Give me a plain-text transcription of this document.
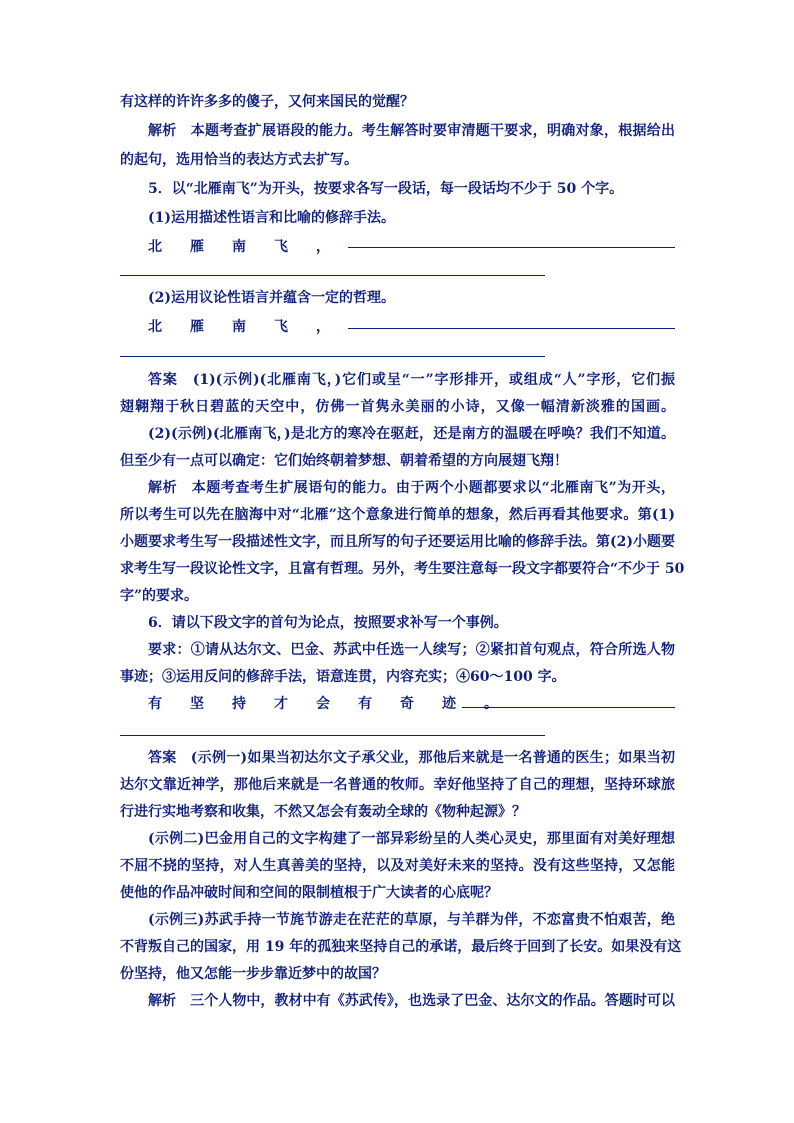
有这样的许许多多的傻子，又何来国民的觉醒？
解析　本题考查扩展语段的能力。考生解答时要审清题干要求，明确对象，根据给出
的起句，选用恰当的表达方式去扩写。
5．以“北雁南飞”为开头，按要求各写一段话，每一段话均不少于 50 个字。
(1)运用描述性语言和比喻的修辞手法。
北　　雁　　南　　飞　　，
(2)运用议论性语言并蕴含一定的哲理。
北　　雁　　南　　飞　　，
答案　(1)(示例)(北雁南飞，)它们或呈“一”字形排开，或组成“人”字形，它们振
翅翱翔于秋日碧蓝的天空中，仿佛一首隽永美丽的小诗，又像一幅清新淡雅的国画。
(2)(示例)(北雁南飞，)是北方的寒冷在驱赶，还是南方的温暖在呼唤？我们不知道。
但至少有一点可以确定：它们始终朝着梦想、朝着希望的方向展翅飞翔！
解析　本题考查考生扩展语句的能力。由于两个小题都要求以“北雁南飞”为开头，
所以考生可以先在脑海中对“北雁”这个意象进行简单的想象，然后再看其他要求。第(1)
小题要求考生写一段描述性文字，而且所写的句子还要运用比喻的修辞手法。第(2)小题要
求考生写一段议论性文字，且富有哲理。另外，考生要注意每一段文字都要符合“不少于 50
字”的要求。
6．请以下段文字的首句为论点，按照要求补写一个事例。
要求：①请从达尔文、巴金、苏武中任选一人续写；②紧扣首句观点，符合所选人物
事迹；③运用反问的修辞手法，语意连贯，内容充实；④60～100 字。
有　　坚　　持　　才　　会　　有　　奇　　迹　　。
答案　(示例一)如果当初达尔文子承父业，那他后来就是一名普通的医生；如果当初
达尔文靠近神学，那他后来就是一名普通的牧师。幸好他坚持了自己的理想，坚持环球旅
行进行实地考察和收集，不然又怎会有轰动全球的《物种起源》？
(示例二)巴金用自己的文字构建了一部异彩纷呈的人类心灵史，那里面有对美好理想
不屈不挠的坚持，对人生真善美的坚持，以及对美好未来的坚持。没有这些坚持，又怎能
使他的作品冲破时间和空间的限制植根于广大读者的心底呢？
(示例三)苏武手持一节旄节游走在茫茫的草原，与羊群为伴，不恋富贵不怕艰苦，绝
不背叛自己的国家，用 19 年的孤独来坚持自己的承诺，最后终于回到了长安。如果没有这
份坚持，他又怎能一步步靠近梦中的故国？
解析　三个人物中，教材中有《苏武传》，也选录了巴金、达尔文的作品。答题时可以
